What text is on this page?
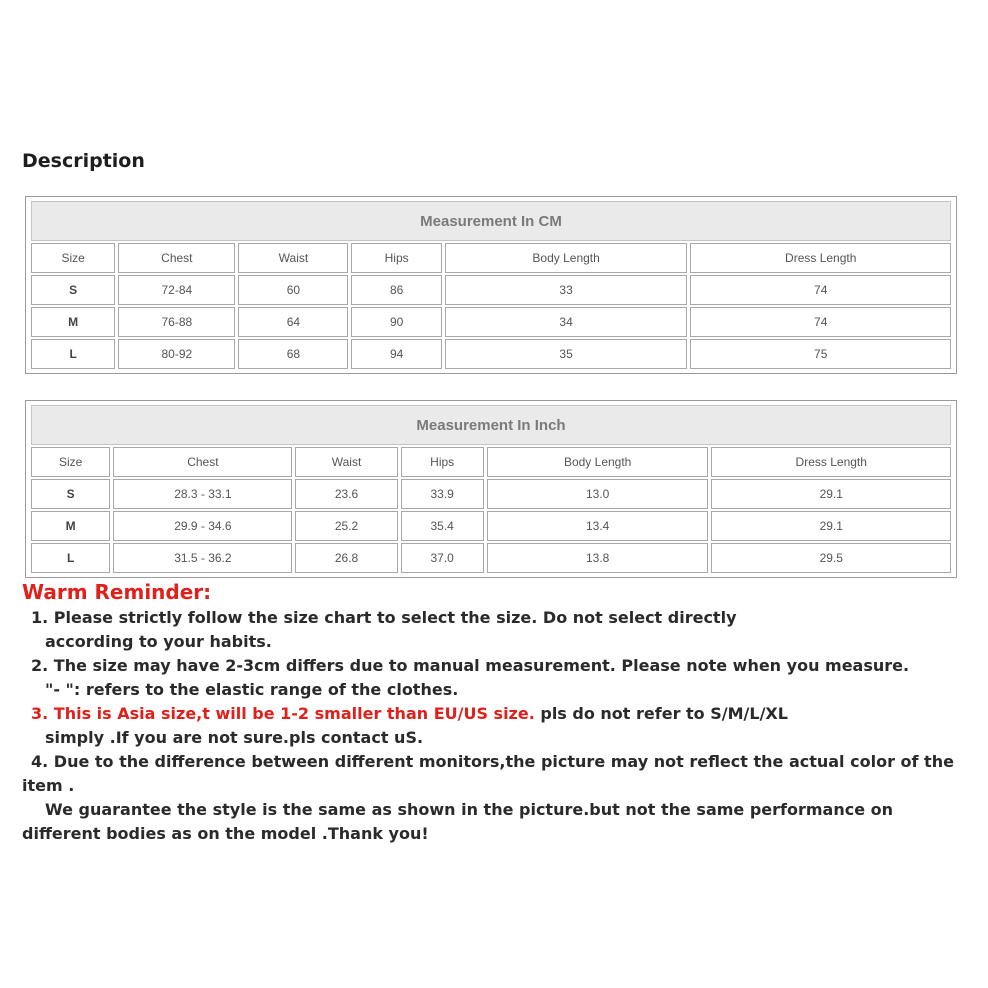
Description
Measurement In CM					
Size	Chest	Waist	Hips	Body Length	Dress Length
S	72-84	60	86	33	74
M	76-88	64	90	34	74
L	80-92	68	94	35	75
Measurement In Inch					
Size	Chest	Waist	Hips	Body Length	Dress Length
S	28.3 - 33.1	23.6	33.9	13.0	29.1
M	29.9 - 34.6	25.2	35.4	13.4	29.1
L	31.5 - 36.2	26.8	37.0	13.8	29.5
Warm Reminder:
1. Please strictly follow the size chart to select the size. Do not select directly
according to your habits.
2. The size may have 2-3cm differs due to manual measurement. Please note when you measure.
"- ": refers to the elastic range of the clothes.
3. This is Asia size,t will be 1-2 smaller than EU/US size. pls do not refer to S/M/L/XL
simply .If you are not sure.pls contact uS.
4. Due to the difference between different monitors,the picture may not reflect the actual color of the
item .
We guarantee the style is the same as shown in the picture.but not the same performance on
different bodies as on the model .Thank you!
